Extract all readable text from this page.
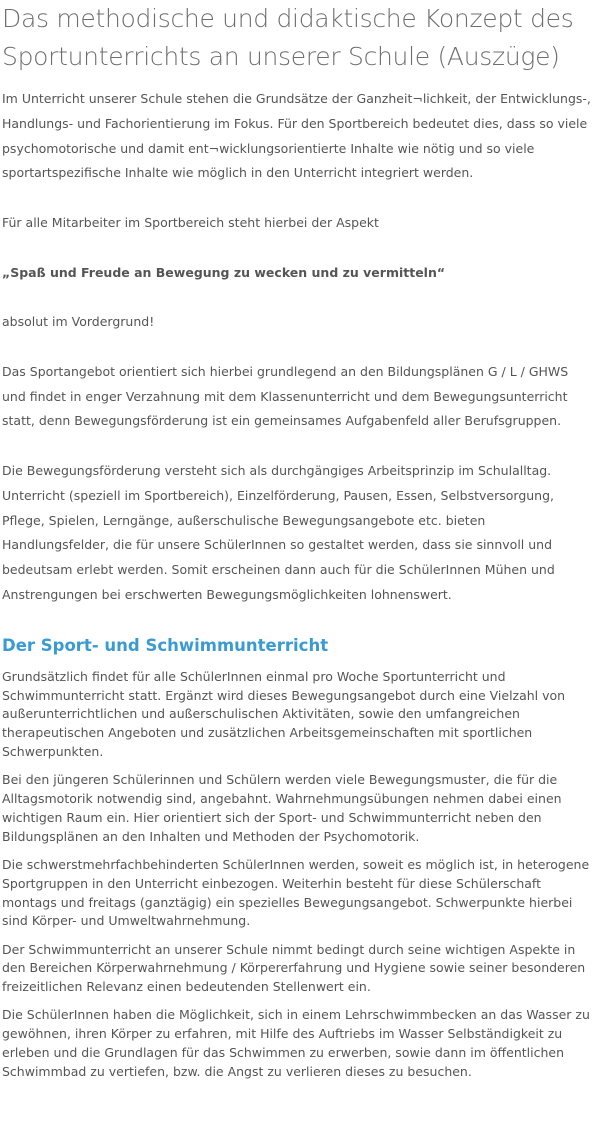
Das methodische und didaktische Konzept des Sportunterrichts an unserer Schule (Auszüge)

Im Unterricht unserer Schule stehen die Grundsätze der Ganzheit¬lichkeit, der Entwicklungs-, Handlungs- und Fachorientierung im Fokus. Für den Sportbereich bedeutet dies, dass so viele psychomotorische und damit ent¬wicklungsorientierte Inhalte wie nötig und so viele sportartspezifische Inhalte wie möglich in den Unterricht integriert werden.

Für alle Mitarbeiter im Sportbereich steht hierbei der Aspekt

„Spaß und Freude an Bewegung zu wecken und zu vermitteln“

absolut im Vordergrund!

Das Sportangebot orientiert sich hierbei grundlegend an den Bildungsplänen G / L / GHWS und findet in enger Verzahnung mit dem Klassenunterricht und dem Bewegungsunterricht statt, denn Bewegungsförderung ist ein gemeinsames Aufgabenfeld aller Berufsgruppen.

Die Bewegungsförderung versteht sich als durchgängiges Arbeitsprinzip im Schulalltag. Unterricht (speziell im Sportbereich), Einzelförderung, Pausen, Essen, Selbstversorgung, Pflege, Spielen, Lerngänge, außerschulische Bewegungsangebote etc. bieten Handlungsfelder, die für unsere SchülerInnen so gestaltet werden, dass sie sinnvoll und bedeutsam erlebt werden. Somit erscheinen dann auch für die SchülerInnen Mühen und Anstrengungen bei erschwerten Bewegungsmöglichkeiten lohnenswert.

Der Sport- und Schwimmunterricht

Grundsätzlich findet für alle SchülerInnen einmal pro Woche Sportunterricht und Schwimmunterricht statt. Ergänzt wird dieses Bewegungsangebot durch eine Vielzahl von außerunterrichtlichen und außerschulischen Aktivitäten, sowie den umfangreichen therapeutischen Angeboten und zusätzlichen Arbeitsgemeinschaften mit sportlichen Schwerpunkten.

Bei den jüngeren Schülerinnen und Schülern werden viele Bewegungsmuster, die für die Alltagsmotorik notwendig sind, angebahnt. Wahrnehmungsübungen nehmen dabei einen wichtigen Raum ein. Hier orientiert sich der Sport- und Schwimmunterricht neben den Bildungsplänen an den Inhalten und Methoden der Psychomotorik.

Die schwerstmehrfachbehinderten SchülerInnen werden, soweit es möglich ist, in heterogene Sportgruppen in den Unterricht einbezogen. Weiterhin besteht für diese Schülerschaft montags und freitags (ganztägig) ein spezielles Bewegungsangebot. Schwerpunkte hierbei sind Körper- und Umweltwahrnehmung.

Der Schwimmunterricht an unserer Schule nimmt bedingt durch seine wichtigen Aspekte in den Bereichen Körperwahrnehmung / Körpererfahrung und Hygiene sowie seiner besonderen freizeitlichen Relevanz einen bedeutenden Stellenwert ein.

Die SchülerInnen haben die Möglichkeit, sich in einem Lehrschwimmbecken an das Wasser zu gewöhnen, ihren Körper zu erfahren, mit Hilfe des Auftriebs im Wasser Selbständigkeit zu erleben und die Grundlagen für das Schwimmen zu erwerben, sowie dann im öffentlichen Schwimmbad zu vertiefen, bzw. die Angst zu verlieren dieses zu besuchen.
